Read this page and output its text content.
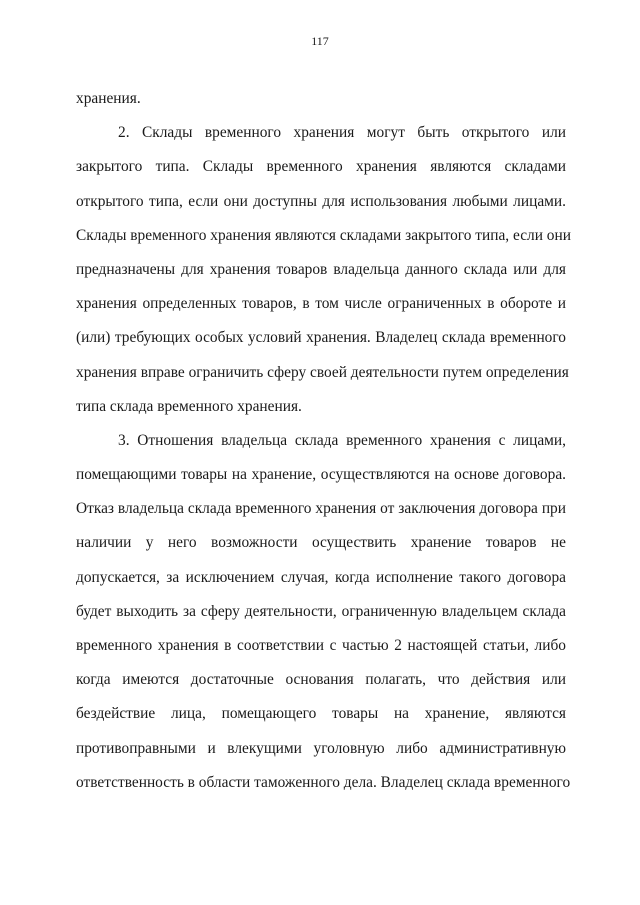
117
хранения.
2. Склады временного хранения могут быть открытого или
закрытого типа. Склады временного хранения являются складами
открытого типа, если они доступны для использования любыми лицами.
Склады временного хранения являются складами закрытого типа, если они
предназначены для хранения товаров владельца данного склада или для
хранения определенных товаров, в том числе ограниченных в обороте и
(или) требующих особых условий хранения. Владелец склада временного
хранения вправе ограничить сферу своей деятельности путем определения
типа склада временного хранения.
3. Отношения владельца склада временного хранения с лицами,
помещающими товары на хранение, осуществляются на основе договора.
Отказ владельца склада временного хранения от заключения договора при
наличии у него возможности осуществить хранение товаров не
допускается, за исключением случая, когда исполнение такого договора
будет выходить за сферу деятельности, ограниченную владельцем склада
временного хранения в соответствии с частью 2 настоящей статьи, либо
когда имеются достаточные основания полагать, что действия или
бездействие лица, помещающего товары на хранение, являются
противоправными и влекущими уголовную либо административную
ответственность в области таможенного дела. Владелец склада временного
